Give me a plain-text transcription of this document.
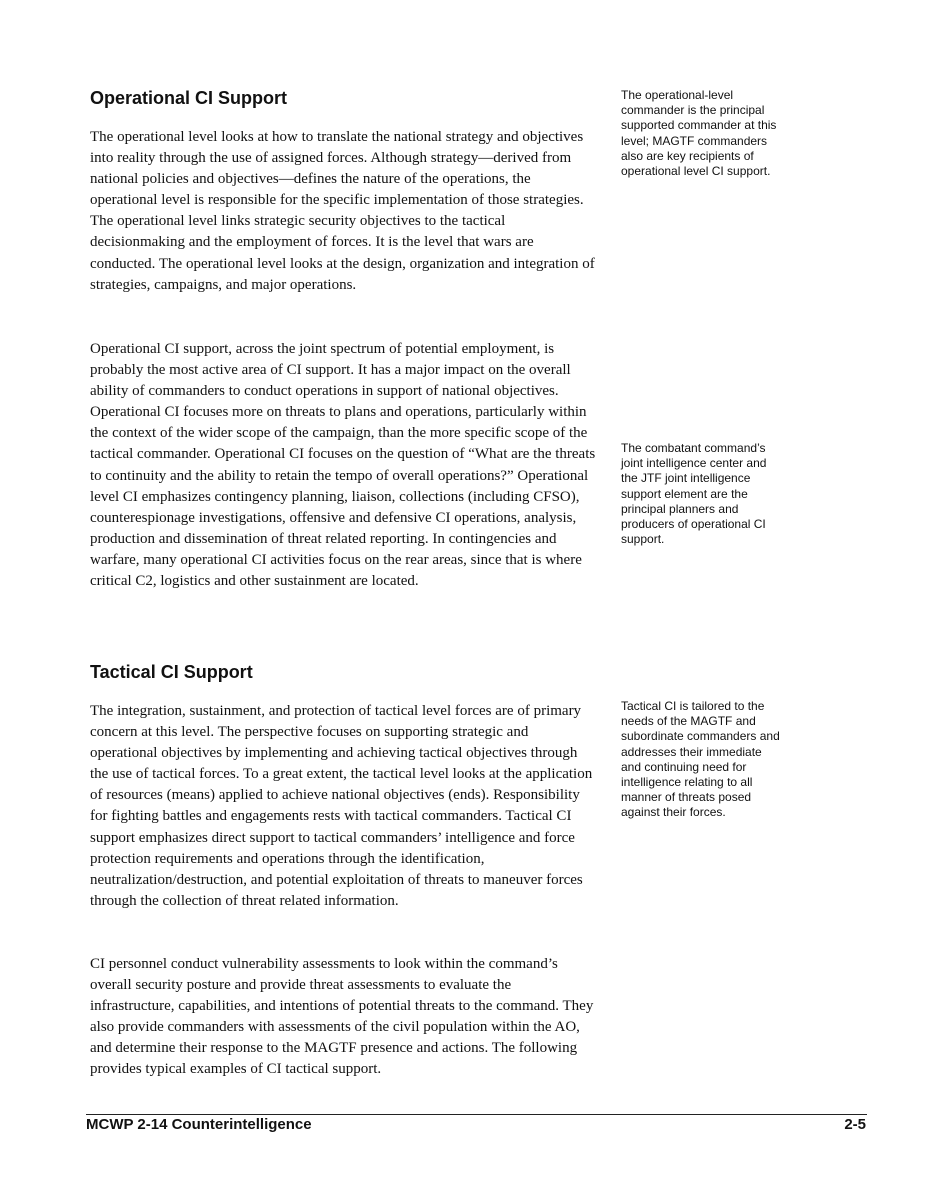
Operational CI Support

The operational level looks at how to translate the national strategy and objectives into reality through the use of assigned forces. Although strategy—derived from national policies and objectives—defines the nature of the operations, the operational level is responsible for the specific implementation of those strategies. The operational level links strategic security objectives to the tactical decisionmaking and the employment of forces. It is the level that wars are conducted. The operational level looks at the design, organization and integration of strategies, campaigns, and major operations.

Operational CI support, across the joint spectrum of potential employment, is probably the most active area of CI support. It has a major impact on the overall ability of commanders to conduct operations in support of national objectives. Operational CI focuses more on threats to plans and operations, particularly within the context of the wider scope of the campaign, than the more specific scope of the tactical commander. Operational CI focuses on the question of “What are the threats to continuity and the ability to retain the tempo of overall operations?” Operational level CI emphasizes contingency planning, liaison, collections (including CFSO), counterespionage investigations, offensive and defensive CI operations, analysis, production and dissemination of threat related reporting. In contingencies and warfare, many operational CI activities focus on the rear areas, since that is where critical C2, logistics and other sustainment are located.

Tactical CI Support

The integration, sustainment, and protection of tactical level forces are of primary concern at this level. The perspective focuses on supporting strategic and operational objectives by implementing and achieving tactical objectives through the use of tactical forces. To a great extent, the tactical level looks at the application of resources (means) applied to achieve national objectives (ends). Responsibility for fighting battles and engagements rests with tactical commanders. Tactical CI support emphasizes direct support to tactical commanders’ intelligence and force protection requirements and operations through the identification, neutralization/destruction, and potential exploitation of threats to maneuver forces through the collection of threat related information.

CI personnel conduct vulnerability assessments to look within the command’s overall security posture and provide threat assessments to evaluate the infrastructure, capabilities, and intentions of potential threats to the command. They also provide commanders with assessments of the civil population within the AO, and determine their response to the MAGTF presence and actions. The following provides typical examples of CI tactical support.

The operational-level commander is the principal supported commander at this level; MAGTF commanders also are key recipients of operational level CI support.

The combatant command’s joint intelligence center and the JTF joint intelligence support element are the principal planners and producers of operational CI support.

Tactical CI is tailored to the needs of the MAGTF and subordinate commanders and addresses their immediate and continuing need for intelligence relating to all manner of threats posed against their forces.

MCWP 2-14 Counterintelligence	2-5
